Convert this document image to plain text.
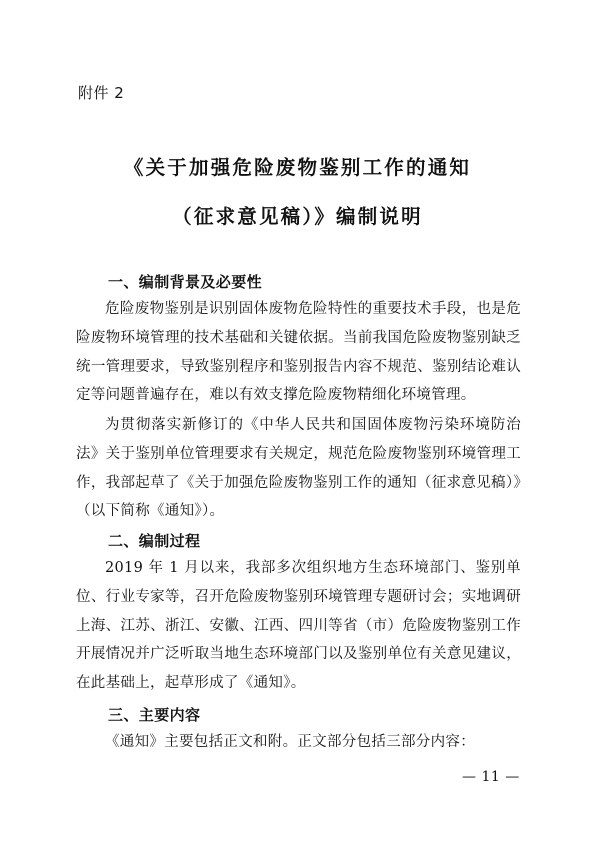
附件 2
《关于加强危险废物鉴别工作的通知
（征求意见稿）》编制说明
一、编制背景及必要性
危险废物鉴别是识别固体废物危险特性的重要技术手段，也是危险废物环境管理的技术基础和关键依据。当前我国危险废物鉴别缺乏统一管理要求，导致鉴别程序和鉴别报告内容不规范、鉴别结论难认定等问题普遍存在，难以有效支撑危险废物精细化环境管理。
为贯彻落实新修订的《中华人民共和国固体废物污染环境防治法》关于鉴别单位管理要求有关规定，规范危险废物鉴别环境管理工作，我部起草了《关于加强危险废物鉴别工作的通知（征求意见稿）》（以下简称《通知》）。
二、编制过程
2019 年 1 月以来，我部多次组织地方生态环境部门、鉴别单位、行业专家等，召开危险废物鉴别环境管理专题研讨会；实地调研上海、江苏、浙江、安徽、江西、四川等省（市）危险废物鉴别工作开展情况并广泛听取当地生态环境部门以及鉴别单位有关意见建议，在此基础上，起草形成了《通知》。
三、主要内容
《通知》主要包括正文和附。正文部分包括三部分内容：
— 11 —
